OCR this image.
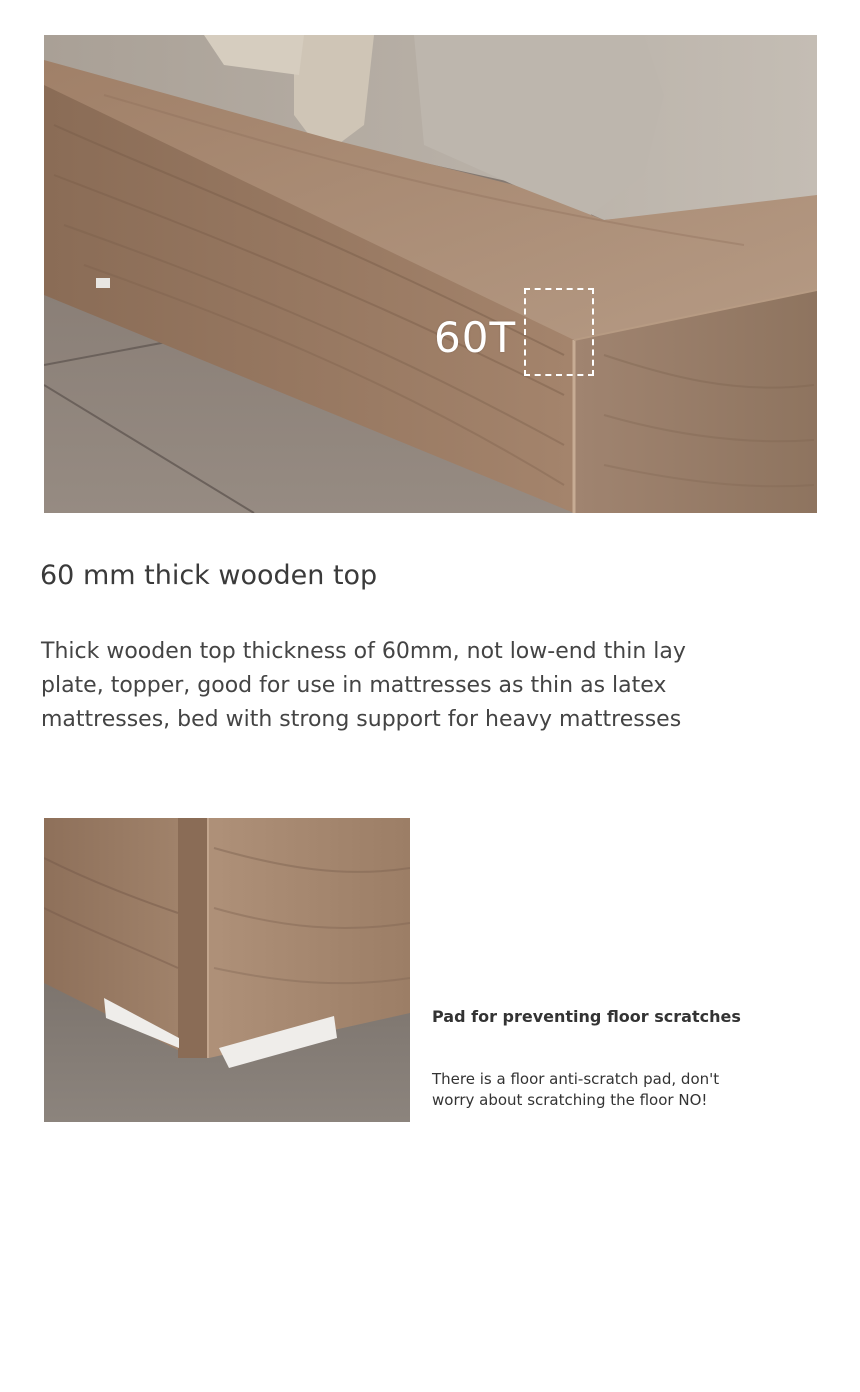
60T
60 mm thick wooden top

Thick wooden top thickness of 60mm, not low-end thin lay plate, topper, good for use in mattresses as thin as latex mattresses, bed with strong support for heavy mattresses

Pad for preventing floor scratches

There is a floor anti-scratch pad, don't worry about scratching the floor NO!
